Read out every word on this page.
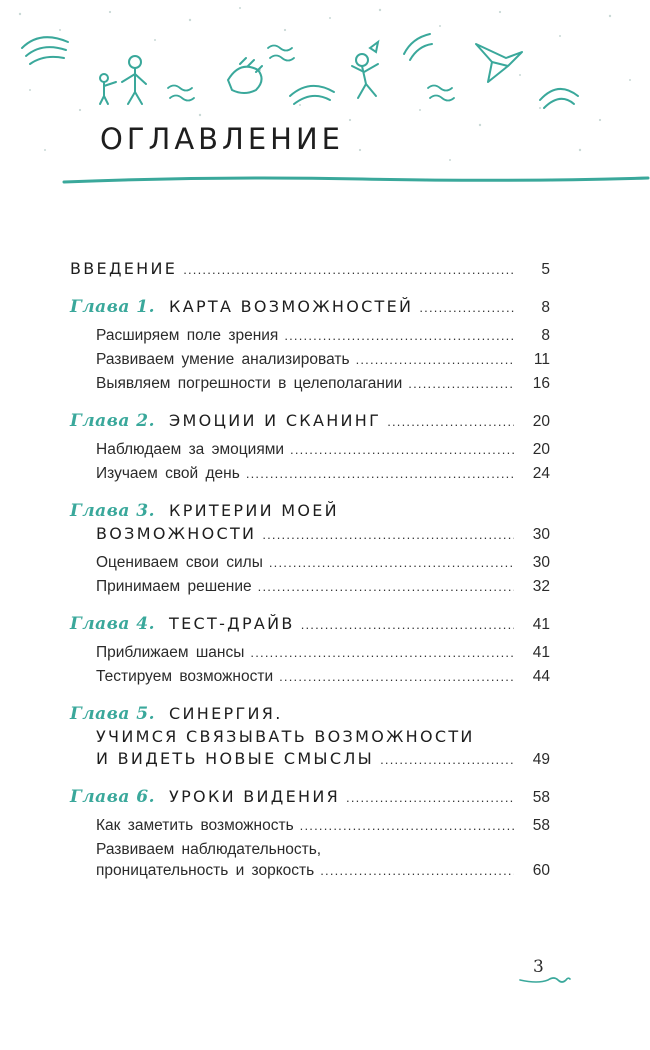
ОГЛАВЛЕНИЕ
ВВЕДЕНИЕ .....	5
Глава 1. КАРТА ВОЗМОЖНОСТЕЙ .....	8
Расширяем поле зрения .....	8
Развиваем умение анализировать .....	11
Выявляем погрешности в целеполагании .....	16
Глава 2. ЭМОЦИИ И СКАНИНГ .....	20
Наблюдаем за эмоциями .....	20
Изучаем свой день .....	24
Глава 3. КРИТЕРИИ МОЕЙ
ВОЗМОЖНОСТИ .....	30
Оцениваем свои силы .....	30
Принимаем решение .....	32
Глава 4. ТЕСТ-ДРАЙВ .....	41
Приближаем шансы .....	41
Тестируем возможности .....	44
Глава 5. СИНЕРГИЯ.
УЧИМСЯ СВЯЗЫВАТЬ ВОЗМОЖНОСТИ
И ВИДЕТЬ НОВЫЕ СМЫСЛЫ .....	49
Глава 6. УРОКИ ВИДЕНИЯ .....	58
Как заметить возможность .....	58
Развиваем наблюдательность,
проницательность и зоркость .....	60
3
